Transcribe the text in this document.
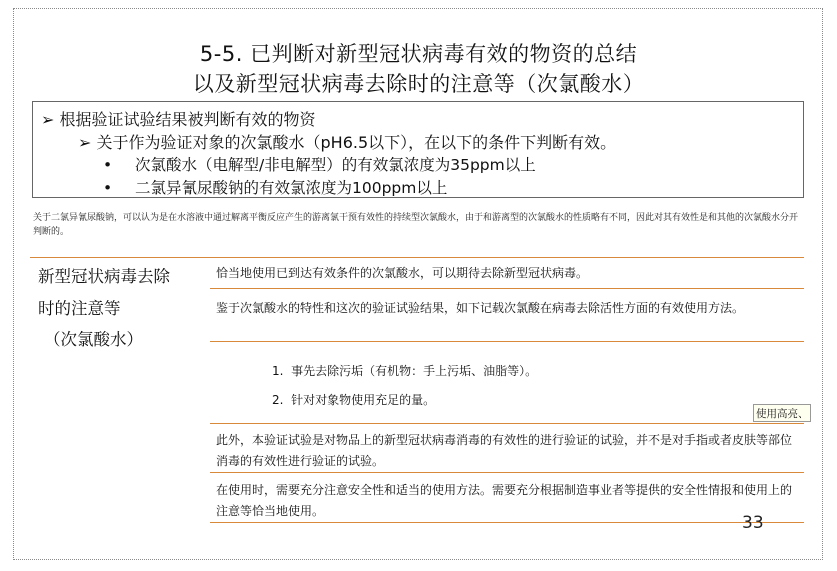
5-5. 已判断对新型冠状病毒有效的物资的总结
以及新型冠状病毒去除时的注意等（次氯酸水）
➢ 根据验证试验结果被判断有效的物资
➢ 关于作为验证对象的次氯酸水（pH6.5以下），在以下的条件下判断有效。
• 次氯酸水（电解型/非电解型）的有效氯浓度为35ppm以上
• 二氯异氰尿酸钠的有效氯浓度为100ppm以上
关于二氯异氰尿酸钠，可以认为是在水溶液中通过解离平衡反应产生的游离氯干预有效性的持续型次氯酸水，由于和游离型的次氯酸水的性质略有不同，因此对其有效性是和其他的次氯酸水分开判断的。
新型冠状病毒去除
时的注意等
（次氯酸水）
恰当地使用已到达有效条件的次氯酸水，可以期待去除新型冠状病毒。
鉴于次氯酸水的特性和这次的验证试验结果，如下记载次氯酸在病毒去除活性方面的有效使用方法。
1. 事先去除污垢（有机物：手上污垢、油脂等）。
2. 针对对象物使用充足的量。
此外，本验证试验是对物品上的新型冠状病毒消毒的有效性的进行验证的试验，并不是对手指或者皮肤等部位消毒的有效性进行验证的试验。
在使用时，需要充分注意安全性和适当的使用方法。需要充分根据制造事业者等提供的安全性情报和使用上的注意等恰当地使用。
使用高亮、
33
